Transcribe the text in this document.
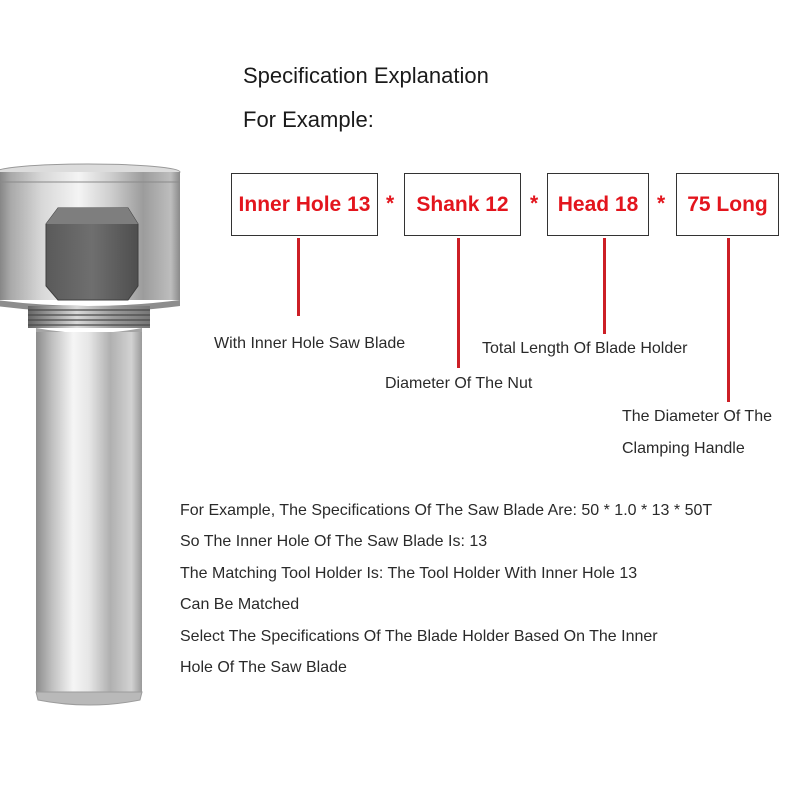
Specification Explanation
For Example:
Inner Hole 13 * Shank 12 * Head 18 * 75 Long
With Inner Hole Saw Blade
Diameter Of The Nut
Total Length Of Blade Holder
The Diameter Of The
Clamping Handle
For Example, The Specifications Of The Saw Blade Are: 50 * 1.0 * 13 * 50T
So The Inner Hole Of The Saw Blade Is: 13
The Matching Tool Holder Is: The Tool Holder With Inner Hole 13
Can Be Matched
Select The Specifications Of The Blade Holder Based On The Inner
Hole Of The Saw Blade
